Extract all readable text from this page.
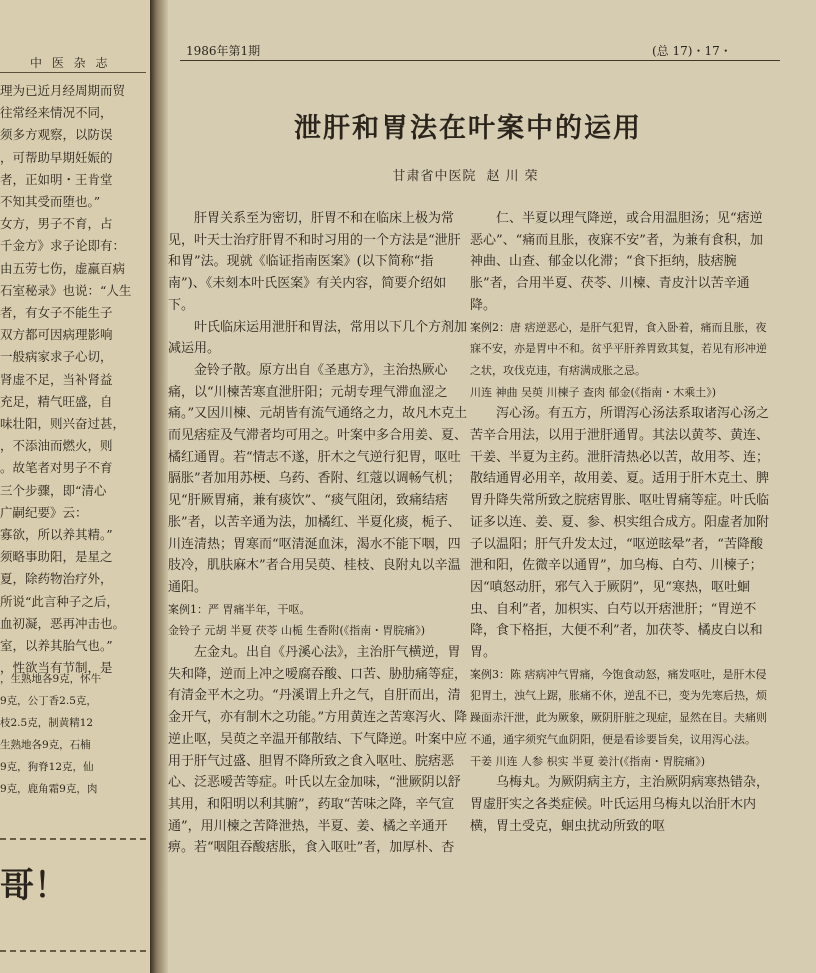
中 医 杂 志
理为已近月经周期而贸
往常经来情况不同，
须多方观察，以防误
，可帮助早期妊娠的
者，正如明・王肯堂
不知其受而堕也。”
女方，男子不育，占
千金方》求子论即有：
由五劳七伤，虚羸百病
石室秘录》也说：“人生
者，有女子不能生子
双方都可因病理影响
一般病家求子心切，
肾虚不足，当补肾益
充足，精气旺盛，自
味壮阳，则兴奋过甚，
，不添油而燃火，则
。故笔者对男子不育
三个步骤，即“清心
广嗣纪要》云：
寡欲，所以养其精。”
须略事助阳，是星之
夏，除药物治疗外，
所说“此言种子之后，
血初凝，恶再冲击也。
室，以养其胎气也。”
，性欲当有节制，是
，生熟地各9克，怀牛
9克，公丁香2.5克，
枝2.5克，制黄精12
生熟地各9克，石楠
9克，狗脊12克，仙
9克，鹿角霜9克，肉
哥！
1986年第1期	(总 17)・17・
泄肝和胃法在叶案中的运用
甘肃省中医院 赵川荣

肝胃关系至为密切，肝胃不和在临床上极为常见，叶天士治疗肝胃不和时习用的一个方法是“泄肝和胃”法。现就《临证指南医案》(以下简称“指南”)、《未刻本叶氏医案》有关内容，简要介绍如下。

叶氏临床运用泄肝和胃法，常用以下几个方剂加减运用。

金铃子散。原方出自《圣惠方》，主治热厥心痛，以“川楝苦寒直泄肝阳；元胡专理气滞血涩之痛。”又因川楝、元胡皆有流气通络之力，故凡木克土而见痞症及气滞者均可用之。叶案中多合用姜、夏、橘红通胃。若“情志不遂，肝木之气逆行犯胃，呕吐膈胀”者加用苏梗、乌药、香附、红蔻以调畅气机；见“肝厥胃痛，兼有痰饮”、“痰气阻闭，致痛结痞胀”者，以苦辛通为法，加橘红、半夏化痰，栀子、川连清热；胃寒而“呕清涎血沫，渴水不能下咽，四肢冷，肌肤麻木”者合用吴萸、桂枝、良附丸以辛温通阳。

案例1：严 胃痛半年，干呕。

金铃子 元胡 半夏 茯苓 山栀 生香附(《指南・胃脘痛》)

左金丸。出自《丹溪心法》，主治肝气横逆，胃失和降，逆而上冲之嗳腐吞酸、口苦、胁肋痛等症，有清金平木之功。“丹溪谓上升之气，自肝而出，清金开气，亦有制木之功能。”方用黄连之苦寒泻火、降逆止呕，吴萸之辛温开郁散结、下气降逆。叶案中应用于肝气过盛、胆胃不降所致之食入呕吐、脘痞恶心、泛恶嗳苦等症。叶氏以左金加味，“泄厥阴以舒其用，和阳明以利其腑”，药取“苦味之降，辛气宣通”，用川楝之苦降泄热，半夏、姜、橘之辛通开痹。若“咽阻吞酸痞胀，食入呕吐”者，加厚朴、杏

仁、半夏以理气降逆，或合用温胆汤；见“痞逆恶心”、“痛而且胀，夜寐不安”者，为兼有食积，加神曲、山查、郁金以化滞；“食下拒纳，肢痞腕胀”者，合用半夏、茯苓、川楝、青皮汁以苦辛通降。

案例2：唐 痞逆恶心，是肝气犯胃，食入卧着，痛而且胀，夜寐不安，亦是胃中不和。贫乎平肝养胃致其复，若见有形冲逆之状，攻伐克违，有痞满成胀之忌。

川连 神曲 吴萸 川楝子 查肉 郁金(《指南・木乘土》)

泻心汤。有五方，所谓泻心汤法系取诸泻心汤之苦辛合用法，以用于泄肝通胃。其法以黄芩、黄连、干姜、半夏为主药。泄肝清热必以苦，故用芩、连；散结通胃必用辛，故用姜、夏。适用于肝木克土、脾胃升降失常所致之脘痞胃胀、呕吐胃痛等症。叶氏临证多以连、姜、夏、参、枳实组合成方。阳虚者加附子以温阳；肝气升发太过，“呕逆眩晕”者，“苦降酸泄和阳，佐微辛以通胃”，加乌梅、白芍、川楝子；因“嗔怒动肝，邪气入于厥阴”，见“寒热，呕吐蛔虫、自利”者，加枳实、白芍以开痞泄肝；“胃逆不降，食下格拒，大便不利”者，加茯苓、橘皮白以和胃。

案例3：陈 痞病冲气胃痛，今饱食动怒，痛发呕吐，是肝木侵犯胃土，浊气上踞，胀痛不休，逆乱不已，变为先寒后热，烦躁面赤汗泄，此为厥象，厥阴肝脏之现症，显然在目。夫痛则不通，通字须究气血阴阳，便是看诊要旨矣，议用泻心法。

干姜 川连 人参 枳实 半夏 姜汁(《指南・胃脘痛》)

乌梅丸。为厥阴病主方，主治厥阴病寒热错杂，胃虚肝实之各类症候。叶氏运用乌梅丸以治肝木内横，胃土受克，蛔虫扰动所致的呕
